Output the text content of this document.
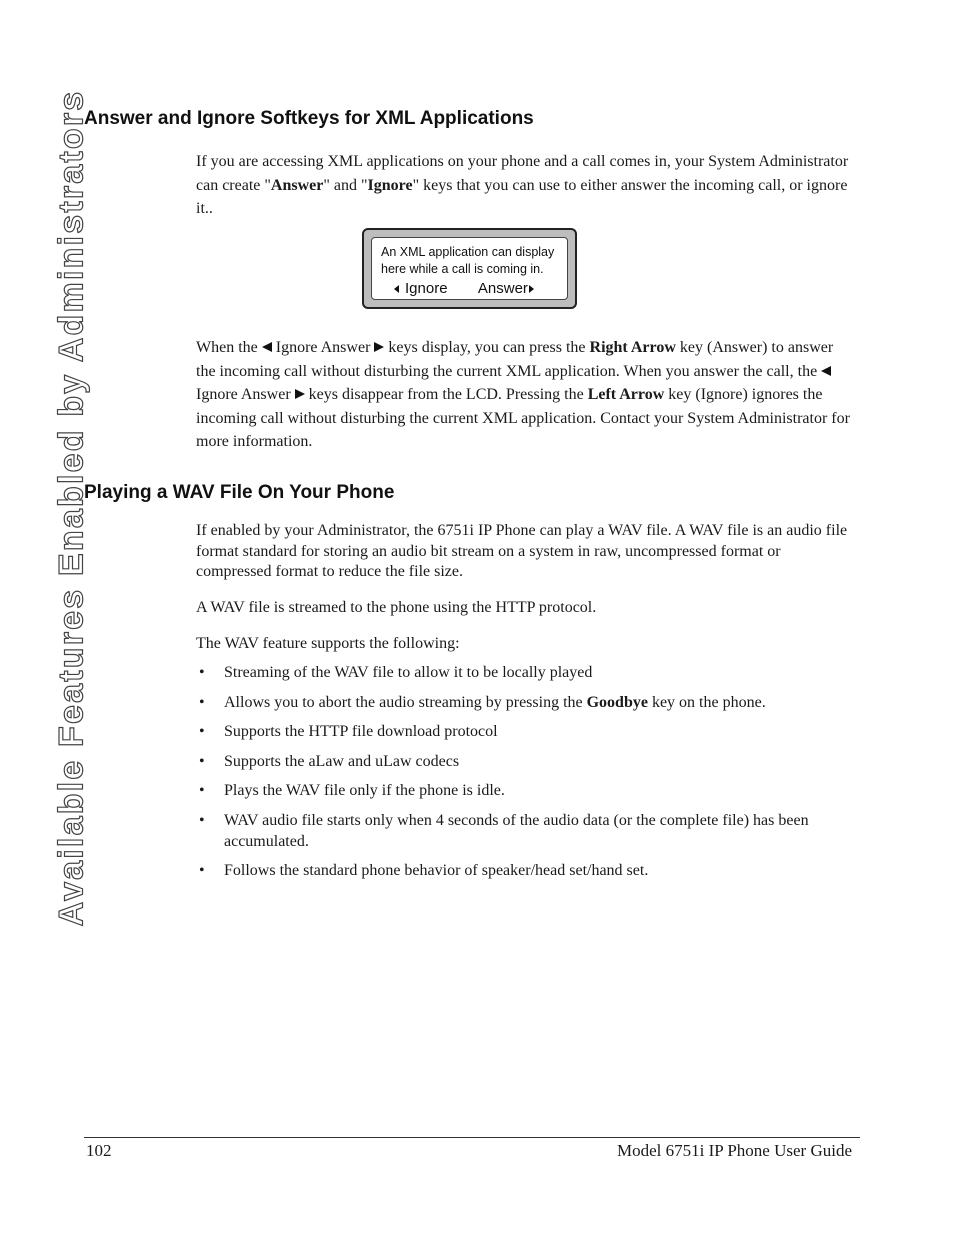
Available Features Enabled by Administrators
Answer and Ignore Softkeys for XML Applications

If you are accessing XML applications on your phone and a call comes in, your System Administrator can create "Answer" and "Ignore" keys that you can use to either answer the incoming call, or ignore it..

An XML application can display
here while a call is coming in.
Ignore Answer

When the Ignore Answer keys display, you can press the Right Arrow key (Answer) to answer the incoming call without disturbing the current XML application. When you answer the call, theIgnore Answer keys disappear from the LCD. Pressing the Left Arrow key (Ignore) ignores the incoming call without disturbing the current XML application. Contact your System Administrator for more information.

Playing a WAV File On Your Phone

If enabled by your Administrator, the 6751i IP Phone can play a WAV file. A WAV file is an audio file format standard for storing an audio bit stream on a system in raw, uncompressed format or compressed format to reduce the file size.

A WAV file is streamed to the phone using the HTTP protocol.

The WAV feature supports the following:

• Streaming of the WAV file to allow it to be locally played
• Allows you to abort the audio streaming by pressing the Goodbye key on the phone.
• Supports the HTTP file download protocol
• Supports the aLaw and uLaw codecs
• Plays the WAV file only if the phone is idle.
• WAV audio file starts only when 4 seconds of the audio data (or the complete file) has been accumulated.
• Follows the standard phone behavior of speaker/head set/hand set.
102	Model 6751i IP Phone User Guide
